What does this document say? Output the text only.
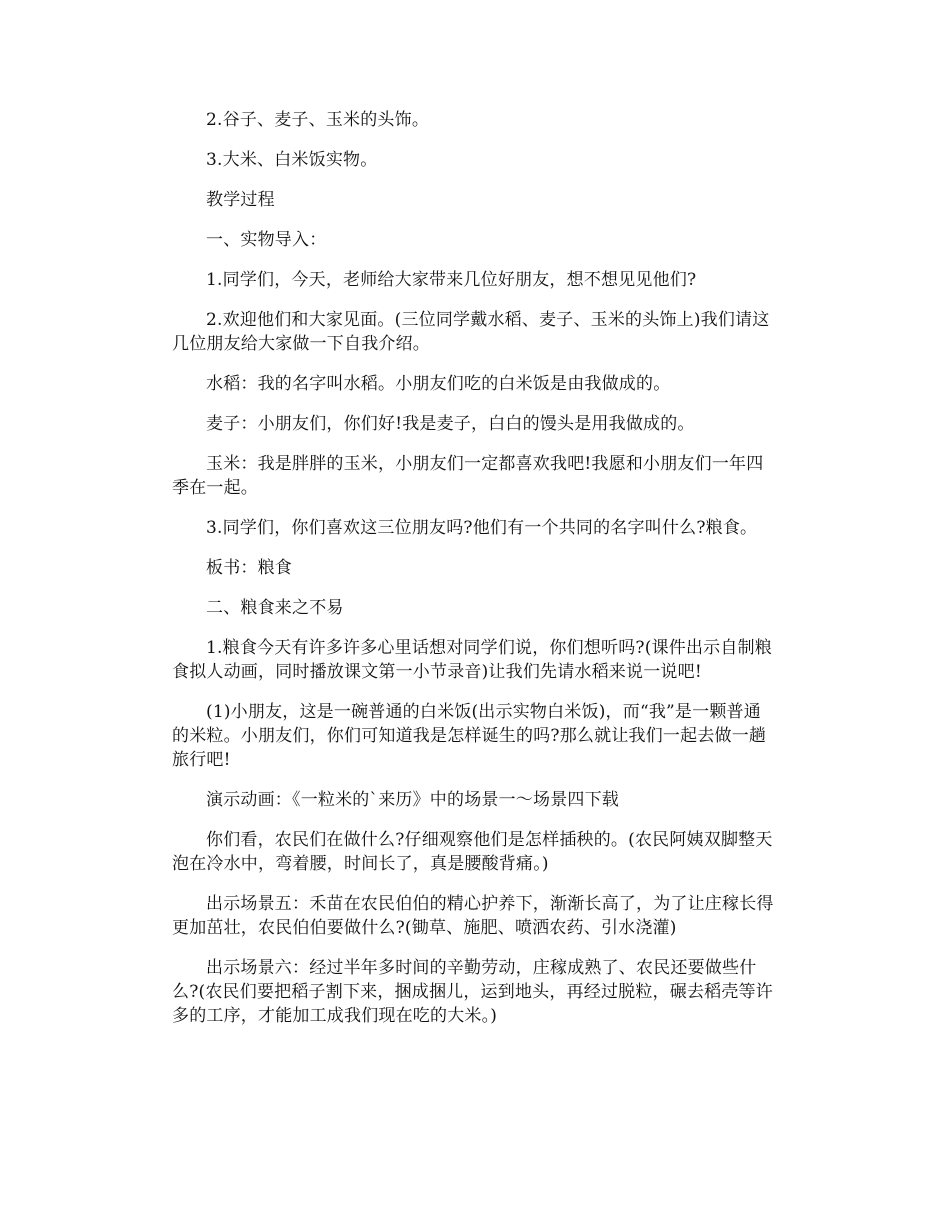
2.谷子、麦子、玉米的头饰。

3.大米、白米饭实物。

教学过程

一、实物导入：

1.同学们，今天，老师给大家带来几位好朋友，想不想见见他们?

2.欢迎他们和大家见面。(三位同学戴水稻、麦子、玉米的头饰上)我们请这几位朋友给大家做一下自我介绍。

水稻：我的名字叫水稻。小朋友们吃的白米饭是由我做成的。

麦子：小朋友们，你们好!我是麦子，白白的馒头是用我做成的。

玉米：我是胖胖的玉米，小朋友们一定都喜欢我吧!我愿和小朋友们一年四季在一起。

3.同学们，你们喜欢这三位朋友吗?他们有一个共同的名字叫什么?粮食。

板书：粮食

二、粮食来之不易

1.粮食今天有许多许多心里话想对同学们说，你们想听吗?(课件出示自制粮食拟人动画，同时播放课文第一小节录音)让我们先请水稻来说一说吧!

(1)小朋友，这是一碗普通的白米饭(出示实物白米饭)，而“我”是一颗普通的米粒。小朋友们，你们可知道我是怎样诞生的吗?那么就让我们一起去做一趟旅行吧!

演示动画：《一粒米的`来历》中的场景一～场景四下载

你们看，农民们在做什么?仔细观察他们是怎样插秧的。(农民阿姨双脚整天泡在冷水中，弯着腰，时间长了，真是腰酸背痛。)

出示场景五：禾苗在农民伯伯的精心护养下，渐渐长高了，为了让庄稼长得更加茁壮，农民伯伯要做什么?(锄草、施肥、喷洒农药、引水浇灌)

出示场景六：经过半年多时间的辛勤劳动，庄稼成熟了、农民还要做些什么?(农民们要把稻子割下来，捆成捆儿，运到地头，再经过脱粒，碾去稻壳等许多的工序，才能加工成我们现在吃的大米。)
